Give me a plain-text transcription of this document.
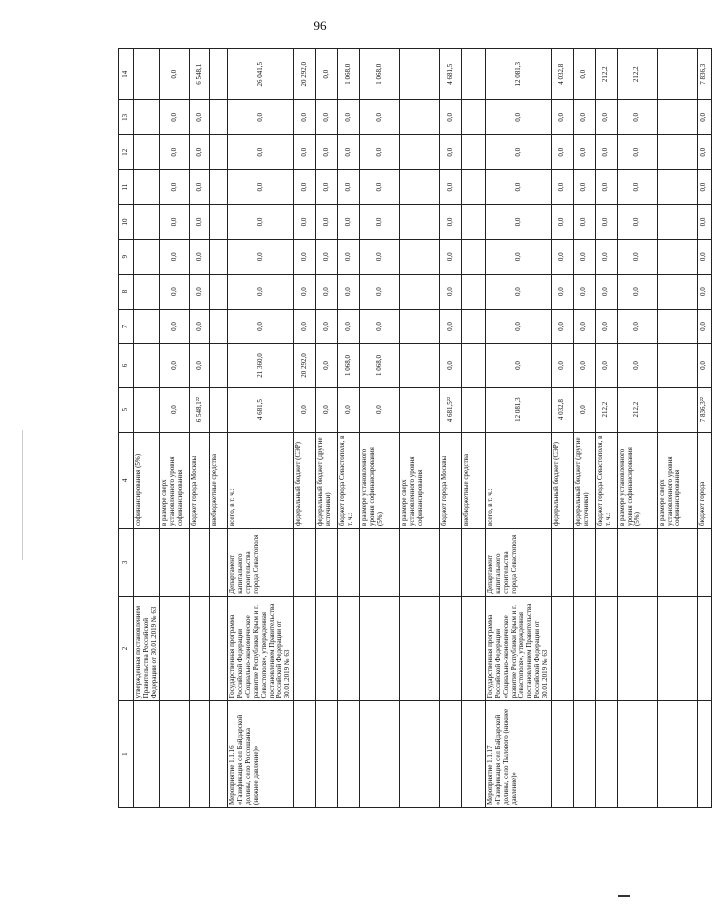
96
1	2	3	4	5	6	7	8	9	10	11	12	13	14
	утвержденная постановлением Правительства Российской Федерации от 30.01.2019 № 63		софинансирования (5%)										
			в размере сверх установленного уровня софинансирования	0,0	0,0	0,0	0,0	0,0	0,0	0,0	0,0	0,0	0,0
			бюджет города Москвы	6 548,1²²	0,0	0,0	0,0	0,0	0,0	0,0	0,0	0,0	6 548,1
			внебюджетные средства										
Мероприятие 1.1.16 «Газификация сел Байдарской долины, село Россошанка (нижнее давление)»	Государственная программа Российской Федерации «Социально-экономическое развитие Республики Крым и г. Севастополя», утвержденная постановлением Правительства Российской Федерации от 30.01.2019 № 63	Департамент капитального строительства города Севастополя	всего, в т. ч.:	4 681,5	21 360,0	0,0	0,0	0,0	0,0	0,0	0,0	0,0	26 041,5
			федеральный бюджет (СЭР)	0,0	20 292,0	0,0	0,0	0,0	0,0	0,0	0,0	0,0	20 292,0
			федеральный бюджет (другие источники)	0,0	0,0	0,0	0,0	0,0	0,0	0,0	0,0	0,0	0,0
			бюджет города Севастополя, в т. ч.:	0,0	1 068,0	0,0	0,0	0,0	0,0	0,0	0,0	0,0	1 068,0
			в размере установленного уровня софинансирования (5%)	0,0	1 068,0	0,0	0,0	0,0	0,0	0,0	0,0	0,0	1 068,0
			в размере сверх установленного уровня софинансирования										
			бюджет города Москвы	4 681,5²²	0,0	0,0	0,0	0,0	0,0	0,0	0,0	0,0	4 681,5
			внебюджетные средства										
Мероприятие 1.1.17 «Газификация сел Байдарской долины, село Тылового (нижнее давление)»	Государственная программа Российской Федерации «Социально-экономическое развитие Республики Крым и г. Севастополя», утвержденная постановлением Правительства Российской Федерации от 30.01.2019 № 63	Департамент капитального строительства города Севастополя	всего, в т. ч.:	12 081,3	0,0	0,0	0,0	0,0	0,0	0,0	0,0	0,0	12 081,3
			федеральный бюджет (СЭР)	4 032,8	0,0	0,0	0,0	0,0	0,0	0,0	0,0	0,0	4 032,8
			федеральный бюджет (другие источники)	0,0	0,0	0,0	0,0	0,0	0,0	0,0	0,0	0,0	0,0
			бюджет города Севастополя, в т. ч.:	212,2	0,0	0,0	0,0	0,0	0,0	0,0	0,0	0,0	212,2
			в размере установленного уровня софинансирования (5%)	212,2	0,0	0,0	0,0	0,0	0,0	0,0	0,0	0,0	212,2
			в размере сверх установленного уровня софинансирования										
			бюджет города	7 836,3²²	0,0	0,0	0,0	0,0	0,0	0,0	0,0	0,0	7 836,3
